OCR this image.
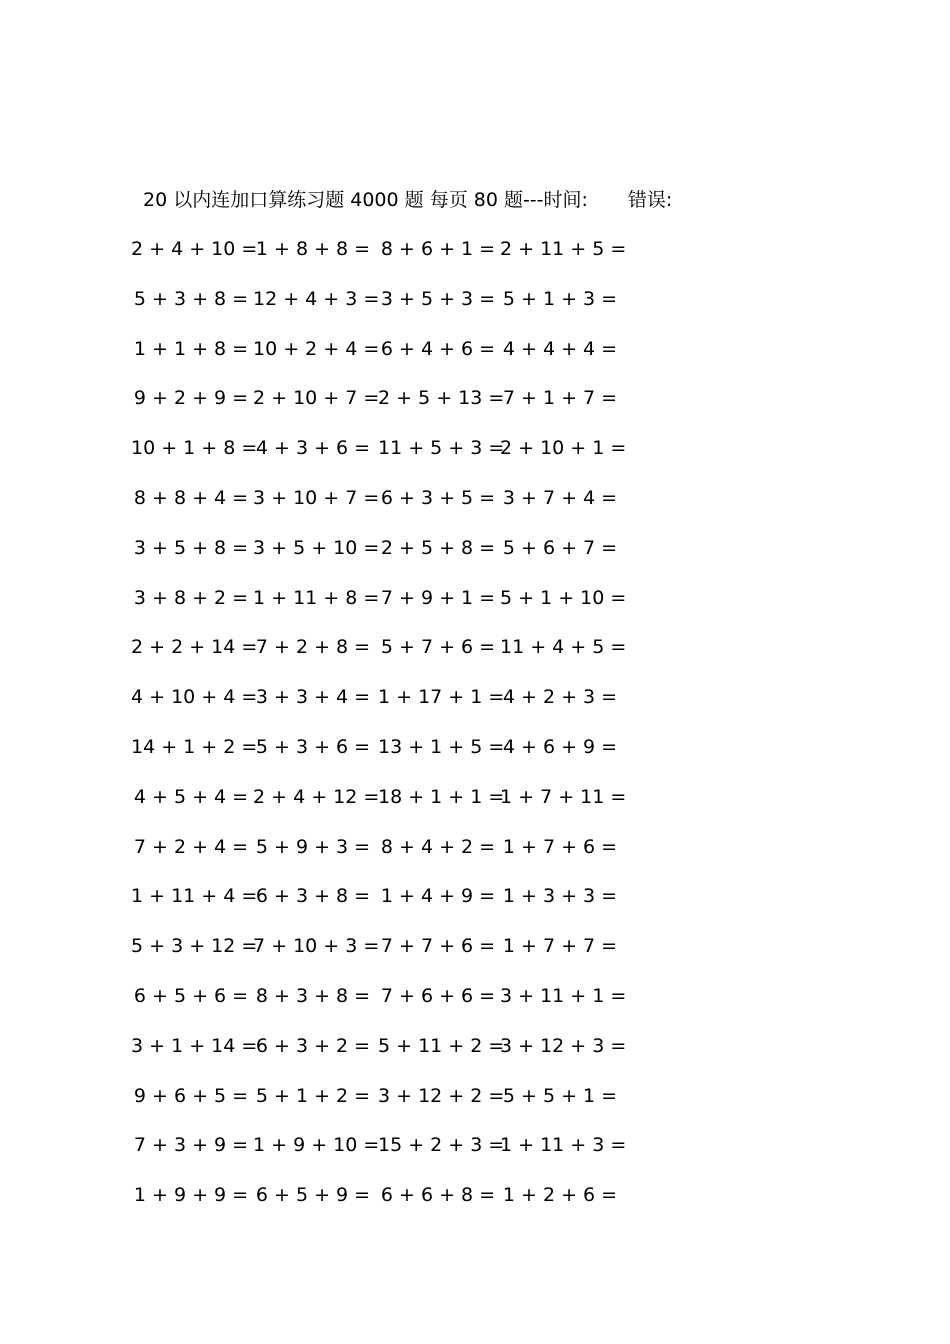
20 以内连加口算练习题 4000 题 每页 80 题---时间: 错误:
2 + 4 + 10 =
1 + 8 + 8 = 8 + 6 + 1 = 2 + 11 + 5 =
5 + 3 + 8 = 12 + 4 + 3 = 3 + 5 + 3 = 5 + 1 + 3 =
1 + 1 + 8 = 10 + 2 + 4 = 6 + 4 + 6 = 4 + 4 + 4 =
9 + 2 + 9 = 2 + 10 + 7 =
2 + 5 + 13 =
7 + 1 + 7 =
10 + 1 + 8 =
4 + 3 + 6 = 11 + 5 + 3 =
2 + 10 + 1 =
8 + 8 + 4 = 3 + 10 + 7 = 6 + 3 + 5 = 3 + 7 + 4 =
3 + 5 + 8 = 3 + 5 + 10 = 2 + 5 + 8 = 5 + 6 + 7 =
3 + 8 + 2 = 1 + 11 + 8 = 7 + 9 + 1 = 5 + 1 + 10 =
2 + 2 + 14 =
7 + 2 + 8 = 5 + 7 + 6 = 11 + 4 + 5 =
4 + 10 + 4 =
3 + 3 + 4 = 1 + 17 + 1 =
4 + 2 + 3 =
14 + 1 + 2 =
5 + 3 + 6 = 13 + 1 + 5 =
4 + 6 + 9 =
4 + 5 + 4 = 2 + 4 + 12 =
18 + 1 + 1 =
1 + 7 + 11 =
7 + 2 + 4 = 5 + 9 + 3 = 8 + 4 + 2 = 1 + 7 + 6 =
1 + 11 + 4 =
6 + 3 + 8 = 1 + 4 + 9 = 1 + 3 + 3 =
5 + 3 + 12 =
7 + 10 + 3 = 7 + 7 + 6 = 1 + 7 + 7 =
6 + 5 + 6 = 8 + 3 + 8 = 7 + 6 + 6 = 3 + 11 + 1 =
3 + 1 + 14 =
6 + 3 + 2 = 5 + 11 + 2 =
3 + 12 + 3 =
9 + 6 + 5 = 5 + 1 + 2 = 3 + 12 + 2 =
5 + 5 + 1 =
7 + 3 + 9 = 1 + 9 + 10 =
15 + 2 + 3 =
1 + 11 + 3 =
1 + 9 + 9 = 6 + 5 + 9 = 6 + 6 + 8 = 1 + 2 + 6 =
